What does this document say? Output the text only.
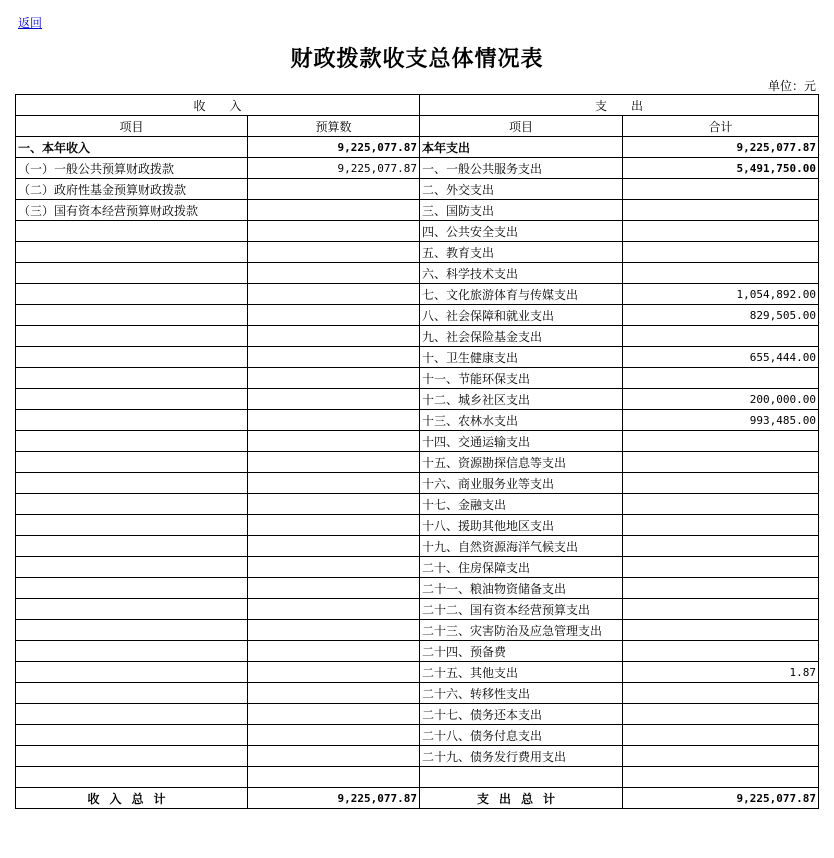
返回
财政拨款收支总体情况表
单位：元
收　　入		支　　出	
项目	预算数	项目	合计
一、本年收入	9,225,077.87	本年支出	9,225,077.87
（一）一般公共预算财政拨款	9,225,077.87	一、一般公共服务支出	5,491,750.00
（二）政府性基金预算财政拨款		二、外交支出	
（三）国有资本经营预算财政拨款		三、国防支出	
		四、公共安全支出	
		五、教育支出	
		六、科学技术支出	
		七、文化旅游体育与传媒支出	1,054,892.00
		八、社会保障和就业支出	829,505.00
		九、社会保险基金支出	
		十、卫生健康支出	655,444.00
		十一、节能环保支出	
		十二、城乡社区支出	200,000.00
		十三、农林水支出	993,485.00
		十四、交通运输支出	
		十五、资源勘探信息等支出	
		十六、商业服务业等支出	
		十七、金融支出	
		十八、援助其他地区支出	
		十九、自然资源海洋气候支出	
		二十、住房保障支出	
		二十一、粮油物资储备支出	
		二十二、国有资本经营预算支出	
		二十三、灾害防治及应急管理支出	
		二十四、预备费	
		二十五、其他支出	1.87
		二十六、转移性支出	
		二十七、债务还本支出	
		二十八、债务付息支出	
		二十九、债务发行费用支出	

收入总计	9,225,077.87	支出总计	9,225,077.87
